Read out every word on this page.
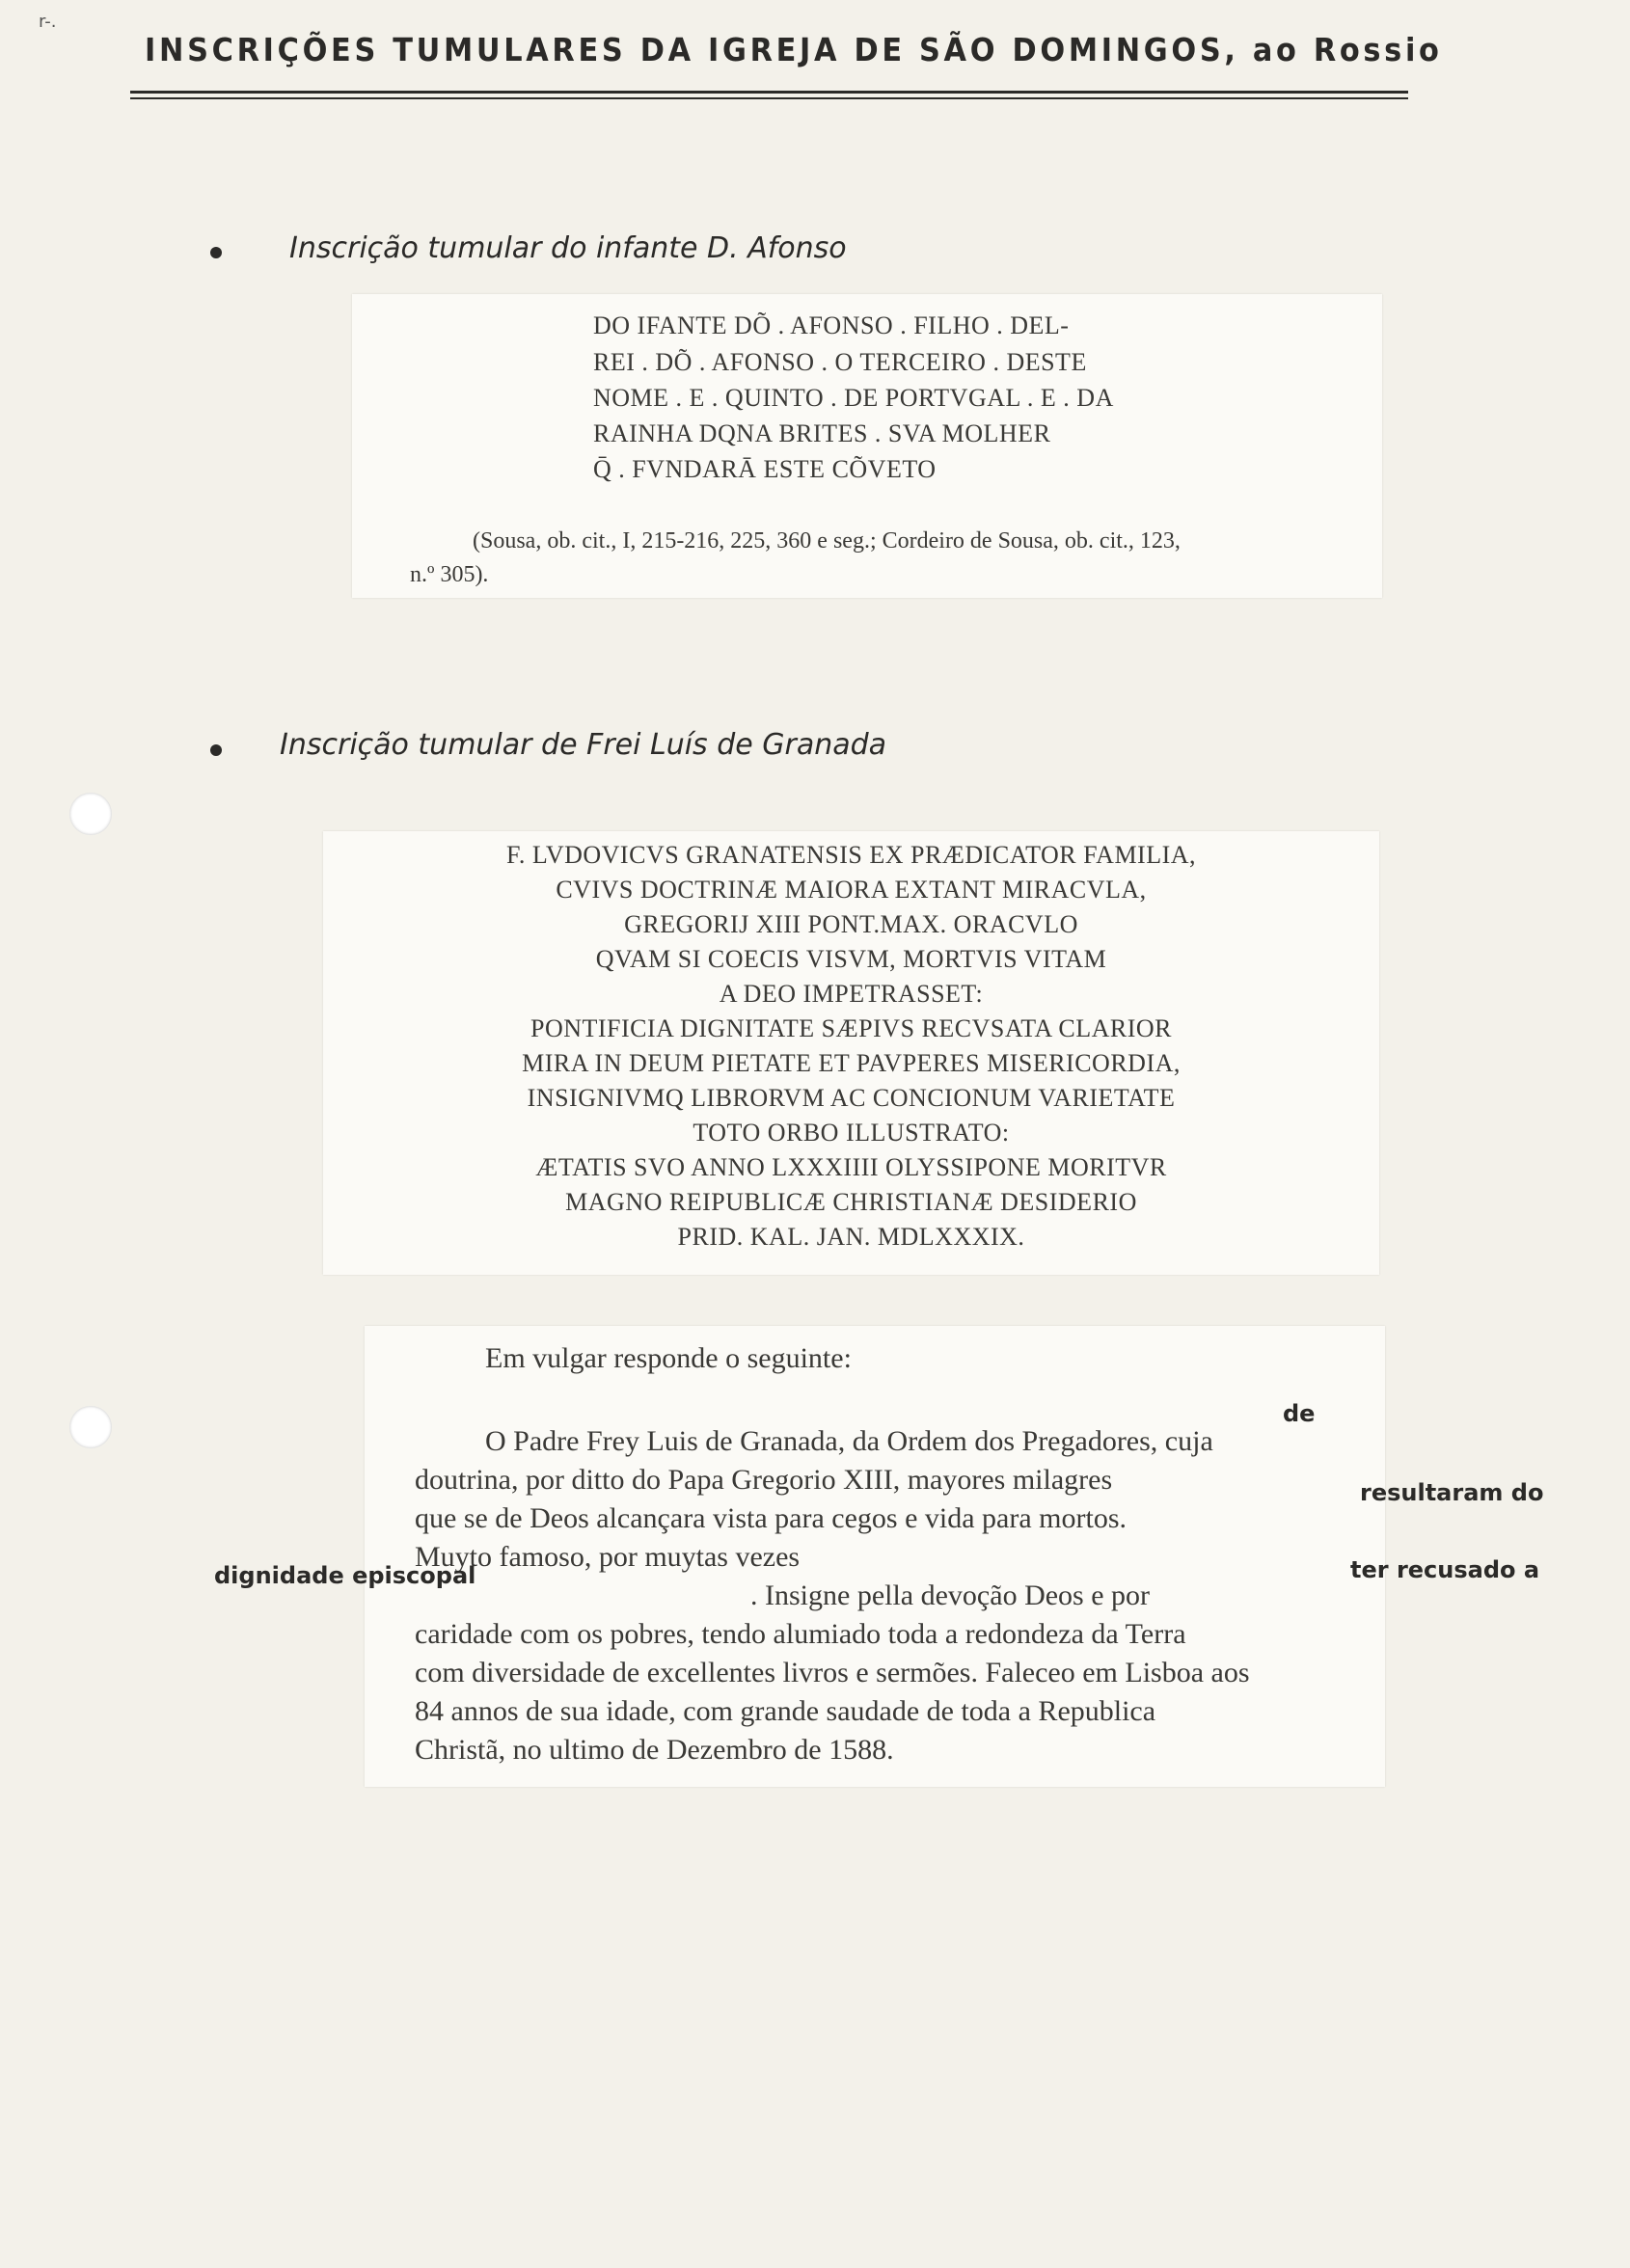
r-.
INSCRIÇÕES TUMULARES DA IGREJA DE SÃO DOMINGOS, ao Rossio
Inscrição tumular do infante D. Afonso
DO IFANTE DÕ . AFONSO . FILHO . DEL-
REI . DÕ . AFONSO . O TERCEIRO . DESTE
NOME . E . QUINTO . DE PORTVGAL . E . DA
RAINHA DQNA BRITES . SVA MOLHER
Q̄ . FVNDARĀ ESTE CÕVETO
(Sousa, ob. cit., I, 215-216, 225, 360 e seg.; Cordeiro de Sousa, ob. cit., 123,
n.º 305).
Inscrição tumular de Frei Luís de Granada
F. LVDOVICVS GRANATENSIS EX PRÆDICATOR FAMILIA,
CVIVS DOCTRINÆ MAIORA EXTANT MIRACVLA,
GREGORIJ XIII PONT.MAX. ORACVLO
QVAM SI COECIS VISVM, MORTVIS VITAM
A DEO IMPETRASSET:
PONTIFICIA DIGNITATE SÆPIVS RECVSATA CLARIOR
MIRA IN DEUM PIETATE ET PAVPERES MISERICORDIA,
INSIGNIVMQ LIBRORVM AC CONCIONUM VARIETATE
TOTO ORBO ILLUSTRATO:
ÆTATIS SVO ANNO LXXXIIII OLYSSIPONE MORITVR
MAGNO REIPUBLICÆ CHRISTIANÆ DESIDERIO
PRID. KAL. JAN. MDLXXXIX.
Em vulgar responde o seguinte:
O Padre Frey Luis de Granada, da Ordem dos Pregadores, cuja
doutrina, por ditto do Papa Gregorio XIII, mayores milagres
que se de Deos alcançara vista para cegos e vida para mortos.
Muyto famoso, por muytas vezes
. Insigne pella devoção Deos e por
caridade com os pobres, tendo alumiado toda a redondeza da Terra
com diversidade de excellentes livros e sermões. Faleceo em Lisboa aos
84 annos de sua idade, com grande saudade de toda a Republica
Christã, no ultimo de Dezembro de 1588.
de
resultaram do
ter recusado a
dignidade episcopal
